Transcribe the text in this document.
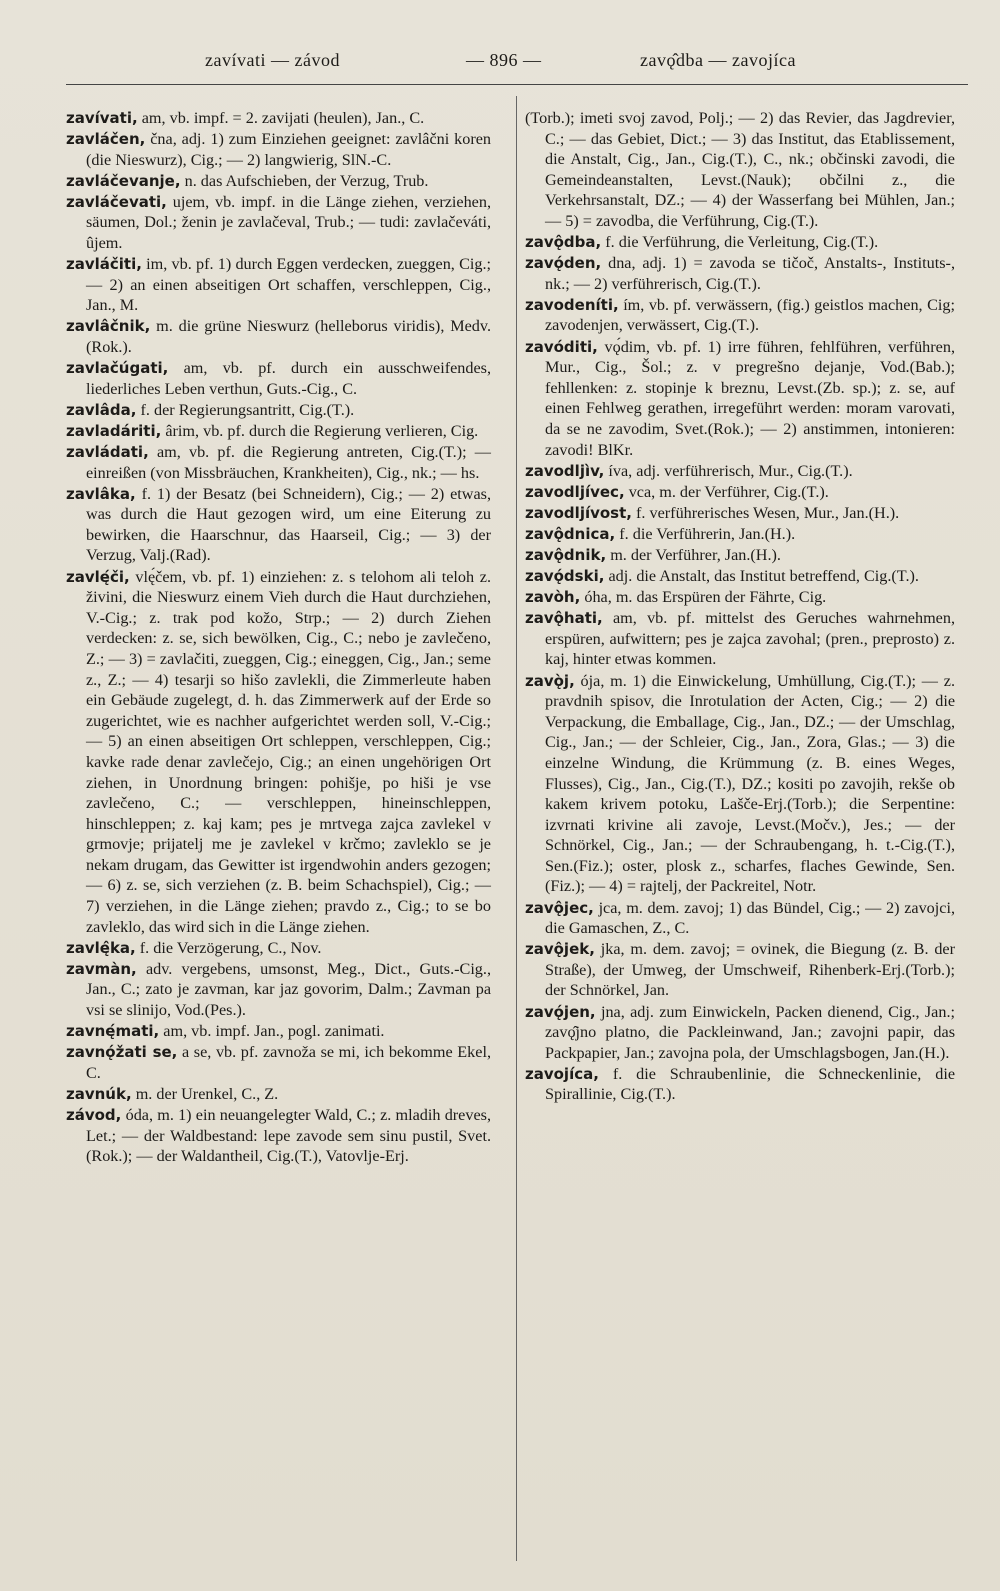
zavívati — závod	— 896 —	zavǫ̂dba — zavojíca

zavívati, am, vb. impf. = 2. zavijati (heulen), Jan., C.

zavláčen, čna, adj. 1) zum Einziehen geeignet: zavlâčni koren (die Nieswurz), Cig.; — 2) langwierig, SlN.-C.

zavláčevanje, n. das Aufschieben, der Verzug, Trub.

zavláčevati, ujem, vb. impf. in die Länge ziehen, verziehen, säumen, Dol.; ženin je zavlačeval, Trub.; — tudi: zavlačeváti, ûjem.

zavláčiti, im, vb. pf. 1) durch Eggen verdecken, zueggen, Cig.; — 2) an einen abseitigen Ort schaffen, verschleppen, Cig., Jan., M.

zavlâčnik, m. die grüne Nieswurz (helleborus viridis), Medv.(Rok.).

zavlačúgati, am, vb. pf. durch ein ausschweifendes, liederliches Leben verthun, Guts.-Cig., C.

zavlâda, f. der Regierungsantritt, Cig.(T.).

zavladáriti, ârim, vb. pf. durch die Regierung verlieren, Cig.

zavládati, am, vb. pf. die Regierung antreten, Cig.(T.); — einreißen (von Missbräuchen, Krankheiten), Cig., nk.; — hs.

zavlâka, f. 1) der Besatz (bei Schneidern), Cig.; — 2) etwas, was durch die Haut gezogen wird, um eine Eiterung zu bewirken, die Haarschnur, das Haarseil, Cig.; — 3) der Verzug, Valj.(Rad).

zavlę́či, vlę́čem, vb. pf. 1) einziehen: z. s telohom ali teloh z. živini, die Nieswurz einem Vieh durch die Haut durchziehen, V.-Cig.; z. trak pod kožo, Strp.; — 2) durch Ziehen verdecken: z. se, sich bewölken, Cig., C.; nebo je zavlečeno, Z.; — 3) = zavlačiti, zueggen, Cig.; eineggen, Cig., Jan.; seme z., Z.; — 4) tesarji so hišo zavlekli, die Zimmerleute haben ein Gebäude zugelegt, d. h. das Zimmerwerk auf der Erde so zugerichtet, wie es nachher aufgerichtet werden soll, V.-Cig.; — 5) an einen abseitigen Ort schleppen, verschleppen, Cig.; kavke rade denar zavlečejo, Cig.; an einen ungehörigen Ort ziehen, in Unordnung bringen: pohišje, po hiši je vse zavlečeno, C.; — verschleppen, hineinschleppen, hinschleppen; z. kaj kam; pes je mrtvega zajca zavlekel v grmovje; prijatelj me je zavlekel v krčmo; zavleklo se je nekam drugam, das Gewitter ist irgendwohin anders gezogen; — 6) z. se, sich verziehen (z. B. beim Schachspiel), Cig.; — 7) verziehen, in die Länge ziehen; pravdo z., Cig.; to se bo zavleklo, das wird sich in die Länge ziehen.

zavlę̂ka, f. die Verzögerung, C., Nov.

zavmàn, adv. vergebens, umsonst, Meg., Dict., Guts.-Cig., Jan., C.; zato je zavman, kar jaz govorim, Dalm.; Zavman pa vsi se slinijo, Vod.(Pes.).

zavnę́mati, am, vb. impf. Jan., pogl. zanimati.

zavnǫ́žati se, a se, vb. pf. zavnoža se mi, ich bekomme Ekel, C.

zavnúk, m. der Urenkel, C., Z.

závod, óda, m. 1) ein neuangelegter Wald, C.; z. mladih dreves, Let.; — der Waldbestand: lepe zavode sem sinu pustil, Svet.(Rok.); — der Waldantheil, Cig.(T.), Vatovlje-Erj.

(Torb.); imeti svoj zavod, Polj.; — 2) das Revier, das Jagdrevier, C.; — das Gebiet, Dict.; — 3) das Institut, das Etablissement, die Anstalt, Cig., Jan., Cig.(T.), C., nk.; občinski zavodi, die Gemeindeanstalten, Levst.(Nauk); občilni z., die Verkehrsanstalt, DZ.; — 4) der Wasserfang bei Mühlen, Jan.; — 5) = zavodba, die Verführung, Cig.(T.).

zavǫ̂dba, f. die Verführung, die Verleitung, Cig.(T.).

zavǫ́den, dna, adj. 1) = zavoda se tičoč, Anstalts-, Instituts-, nk.; — 2) verführerisch, Cig.(T.).

zavodeníti, ím, vb. pf. verwässern, (fig.) geistlos machen, Cig; zavodenjen, verwässert, Cig.(T.).

zavóditi, vǫ́dim, vb. pf. 1) irre führen, fehlführen, verführen, Mur., Cig., Šol.; z. v pregrešno dejanje, Vod.(Bab.); fehllenken: z. stopinje k breznu, Levst.(Zb. sp.); z. se, auf einen Fehlweg gerathen, irregeführt werden: moram varovati, da se ne zavodim, Svet.(Rok.); — 2) anstimmen, intonieren: zavodi! BlKr.

zavodljìv, íva, adj. verführerisch, Mur., Cig.(T.).

zavodljívec, vca, m. der Verführer, Cig.(T.).

zavodljívost, f. verführerisches Wesen, Mur., Jan.(H.).

zavǫ̂dnica, f. die Verführerin, Jan.(H.).

zavǫ̂dnik, m. der Verführer, Jan.(H.).

zavǫ́dski, adj. die Anstalt, das Institut betreffend, Cig.(T.).

zavòh, óha, m. das Erspüren der Fährte, Cig.

zavǫ̂hati, am, vb. pf. mittelst des Geruches wahrnehmen, erspüren, aufwittern; pes je zajca zavohal; (pren., preprosto) z. kaj, hinter etwas kommen.

zavǫ̀j, ója, m. 1) die Einwickelung, Umhüllung, Cig.(T.); — z. pravdnih spisov, die Inrotulation der Acten, Cig.; — 2) die Verpackung, die Emballage, Cig., Jan., DZ.; — der Umschlag, Cig., Jan.; — der Schleier, Cig., Jan., Zora, Glas.; — 3) die einzelne Windung, die Krümmung (z. B. eines Weges, Flusses), Cig., Jan., Cig.(T.), DZ.; kositi po zavojih, rekše ob kakem krivem potoku, Lašče-Erj.(Torb.); die Serpentine: izvrnati krivine ali zavoje, Levst.(Močv.), Jes.; — der Schnörkel, Cig., Jan.; — der Schraubengang, h. t.-Cig.(T.), Sen.(Fiz.); oster, plosk z., scharfes, flaches Gewinde, Sen.(Fiz.); — 4) = rajtelj, der Packreitel, Notr.

zavǫ̂jec, jca, m. dem. zavoj; 1) das Bündel, Cig.; — 2) zavojci, die Gamaschen, Z., C.

zavǫ̂jek, jka, m. dem. zavoj; = ovinek, die Biegung (z. B. der Straße), der Umweg, der Umschweif, Rihenberk-Erj.(Torb.); der Schnörkel, Jan.

zavǫ́jen, jna, adj. zum Einwickeln, Packen dienend, Cig., Jan.; zavǫ̂jno platno, die Packleinwand, Jan.; zavojni papir, das Packpapier, Jan.; zavojna pola, der Umschlagsbogen, Jan.(H.).

zavojíca, f. die Schraubenlinie, die Schneckenlinie, die Spirallinie, Cig.(T.).
